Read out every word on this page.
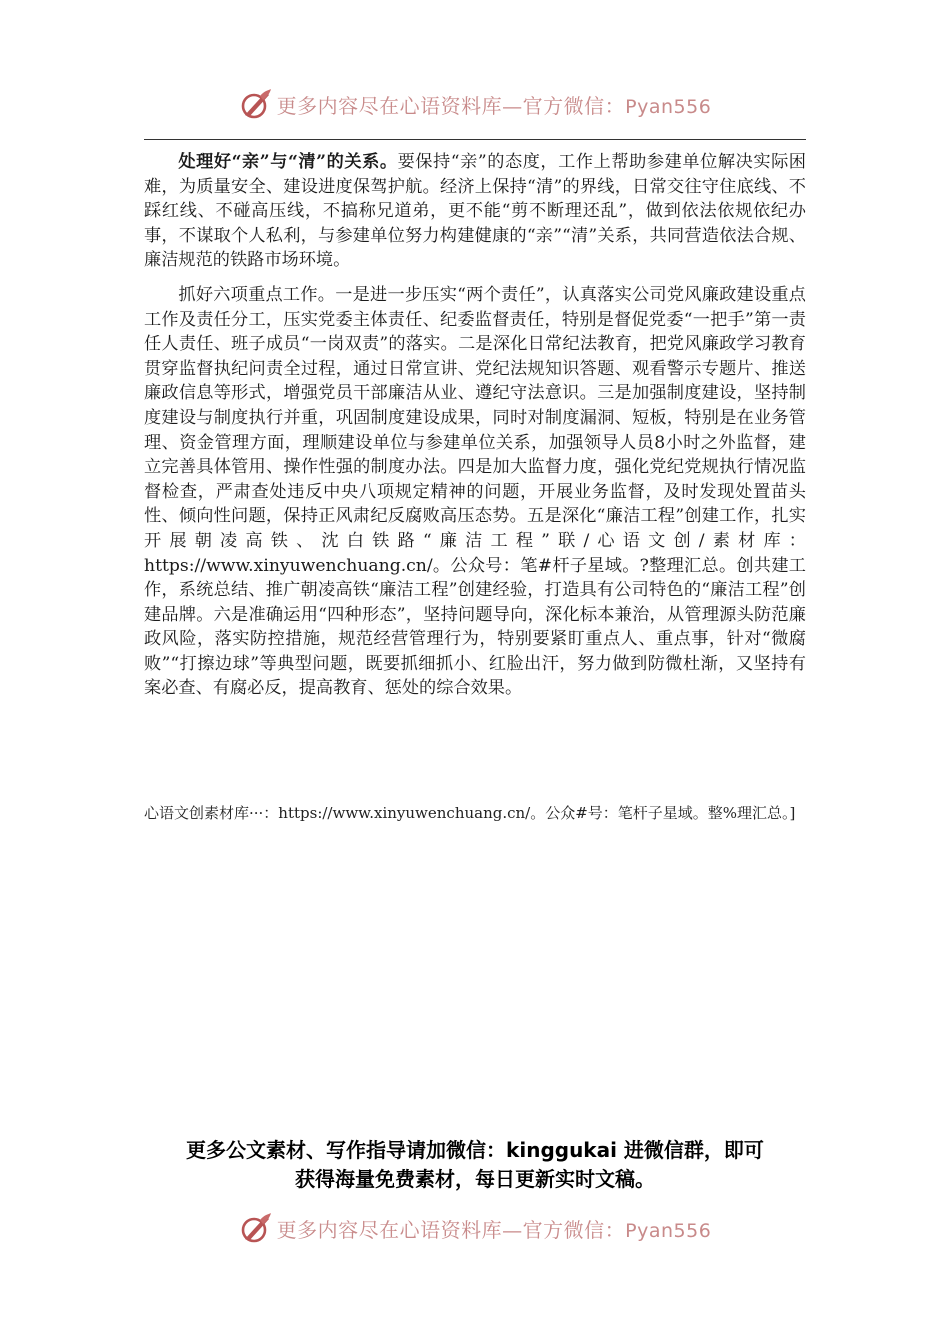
更多内容尽在心语资料库—官方微信：Pyan556

处理好“亲”与“清”的关系。要保持“亲”的态度，工作上帮助参建单位解决实际困难，为质量安全、建设进度保驾护航。经济上保持“清”的界线，日常交往守住底线、不踩红线、不碰高压线，不搞称兄道弟，更不能“剪不断理还乱”，做到依法依规依纪办事，不谋取个人私利，与参建单位努力构建健康的“亲”“清”关系，共同营造依法合规、廉洁规范的铁路市场环境。

抓好六项重点工作。一是进一步压实“两个责任”，认真落实公司党风廉政建设重点工作及责任分工，压实党委主体责任、纪委监督责任，特别是督促党委“一把手”第一责任人责任、班子成员“一岗双责”的落实。二是深化日常纪法教育，把党风廉政学习教育贯穿监督执纪问责全过程，通过日常宣讲、党纪法规知识答题、观看警示专题片、推送廉政信息等形式，增强党员干部廉洁从业、遵纪守法意识。三是加强制度建设，坚持制度建设与制度执行并重，巩固制度建设成果，同时对制度漏洞、短板，特别是在业务管理、资金管理方面，理顺建设单位与参建单位关系，加强领导人员8小时之外监督，建立完善具体管用、操作性强的制度办法。四是加大监督力度，强化党纪党规执行情况监督检查，严肃查处违反中央八项规定精神的问题，开展业务监督，及时发现处置苗头性、倾向性问题，保持正风肃纪反腐败高压态势。五是深化“廉洁工程”创建工作，扎实开展朝凌高铁、沈白铁路“廉洁工程”联/心语文创/素材库：https://www.xinyuwenchuang.cn/。公众号：笔#杆子星域。?整理汇总。创共建工作，系统总结、推广朝凌高铁“廉洁工程”创建经验，打造具有公司特色的“廉洁工程”创建品牌。六是准确运用“四种形态”，坚持问题导向，深化标本兼治，从管理源头防范廉政风险，落实防控措施，规范经营管理行为，特别要紧盯重点人、重点事，针对“微腐败”“打擦边球”等典型问题，既要抓细抓小、红脸出汗，努力做到防微杜渐，又坚持有案必查、有腐必反，提高教育、惩处的综合效果。

心语文创素材库···：https://www.xinyuwenchuang.cn/。公众#号：笔杆子星域。整%理汇总。]
更多公文素材、写作指导请加微信：kinggukai 进微信群，即可
获得海量免费素材，每日更新实时文稿。
更多内容尽在心语资料库—官方微信：Pyan556
